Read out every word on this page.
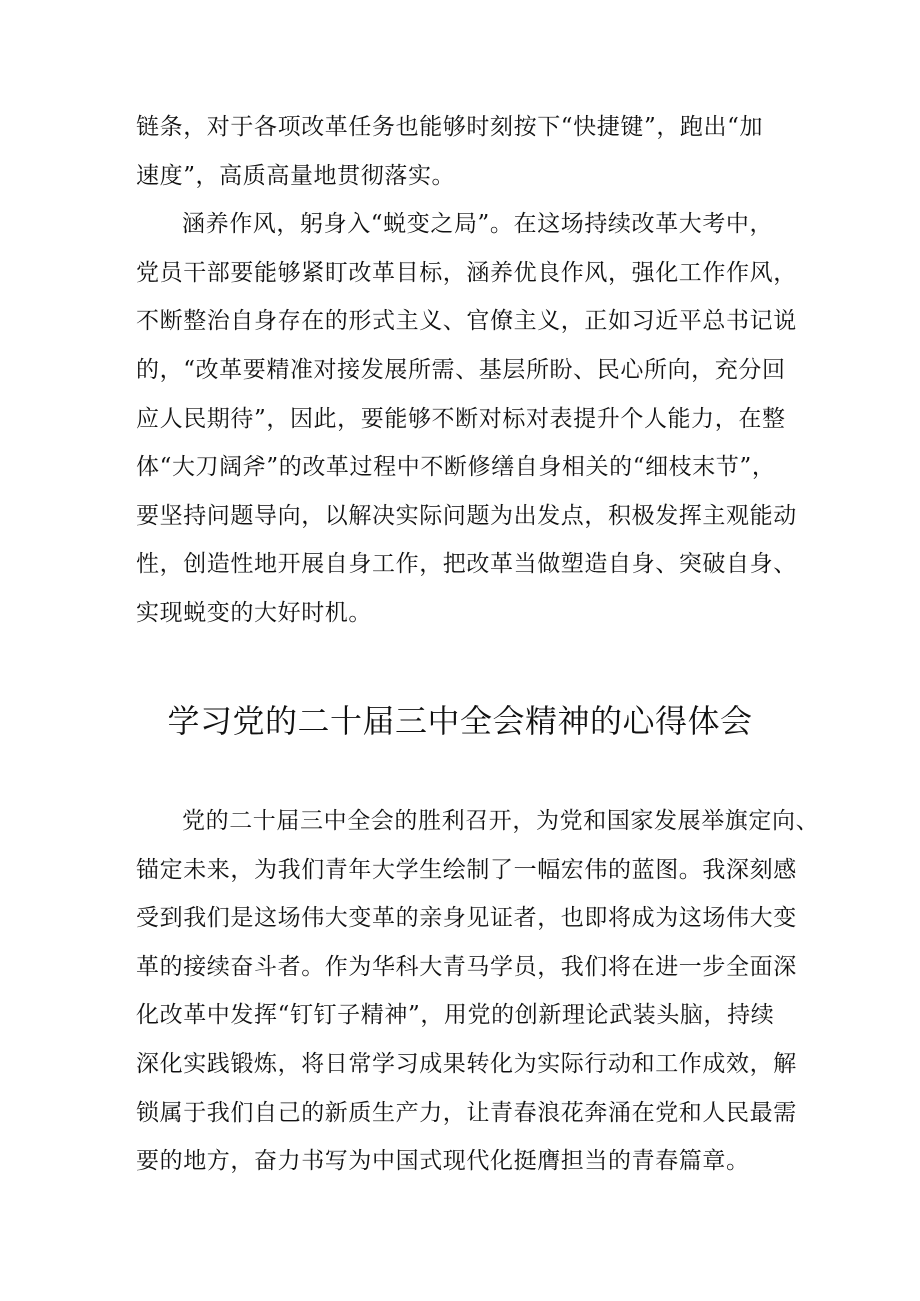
链条，对于各项改革任务也能够时刻按下“快捷键”，跑出“加
速度”，高质高量地贯彻落实。

涵养作风，躬身入“蜕变之局”。在这场持续改革大考中，
党员干部要能够紧盯改革目标，涵养优良作风，强化工作作风，
不断整治自身存在的形式主义、官僚主义，正如习近平总书记说
的，“改革要精准对接发展所需、基层所盼、民心所向，充分回
应人民期待”，因此，要能够不断对标对表提升个人能力，在整
体“大刀阔斧”的改革过程中不断修缮自身相关的“细枝末节”，
要坚持问题导向，以解决实际问题为出发点，积极发挥主观能动
性，创造性地开展自身工作，把改革当做塑造自身、突破自身、
实现蜕变的大好时机。

学习党的二十届三中全会精神的心得体会

党的二十届三中全会的胜利召开，为党和国家发展举旗定向、
锚定未来，为我们青年大学生绘制了一幅宏伟的蓝图。我深刻感
受到我们是这场伟大变革的亲身见证者，也即将成为这场伟大变
革的接续奋斗者。作为华科大青马学员，我们将在进一步全面深
化改革中发挥“钉钉子精神”，用党的创新理论武装头脑，持续
深化实践锻炼，将日常学习成果转化为实际行动和工作成效，解
锁属于我们自己的新质生产力，让青春浪花奔涌在党和人民最需
要的地方，奋力书写为中国式现代化挺膺担当的青春篇章。
